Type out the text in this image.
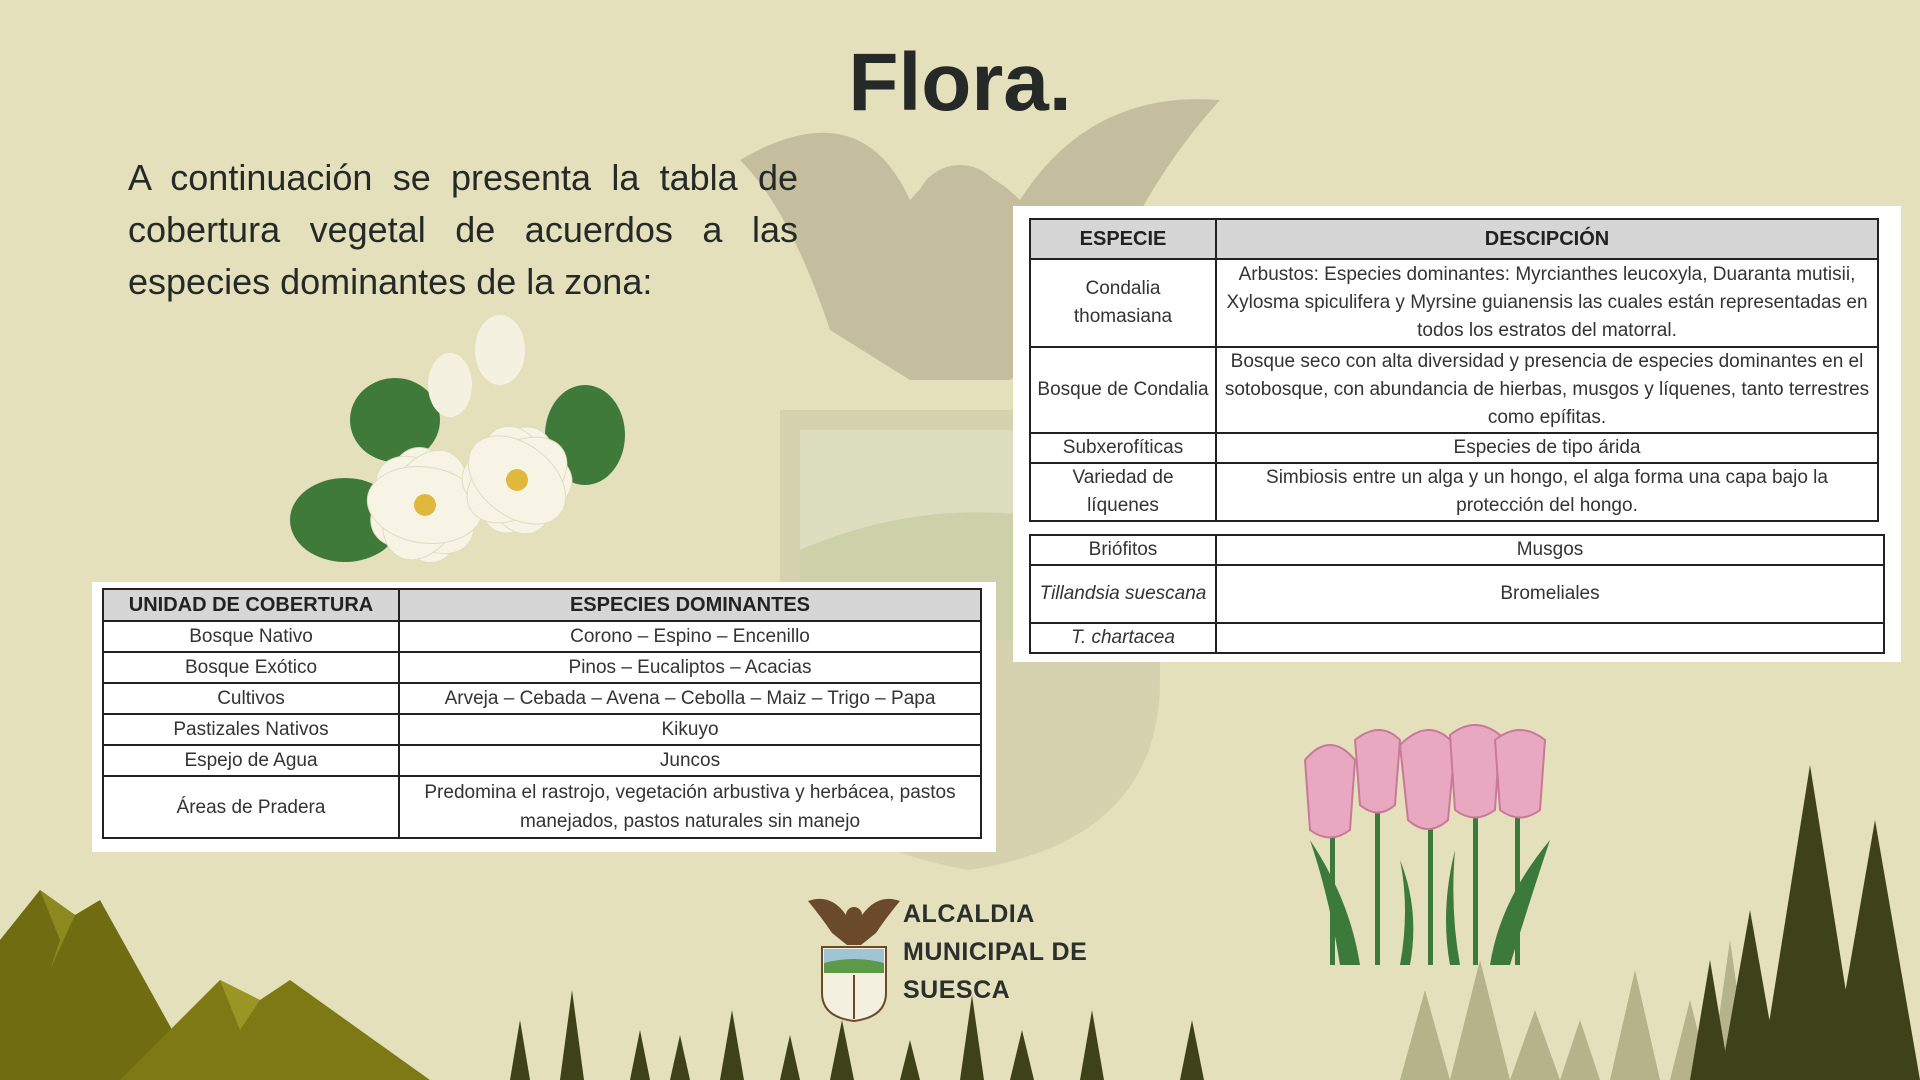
Flora.

A continuación se presenta la tabla de cobertura vegetal de acuerdos a las especies dominantes de la zona:

UNIDAD DE COBERTURA	ESPECIES DOMINANTES
Bosque Nativo	Corono – Espino – Encenillo
Bosque Exótico	Pinos – Eucaliptos – Acacias
Cultivos	Arveja – Cebada – Avena – Cebolla – Maiz – Trigo – Papa
Pastizales Nativos	Kikuyo
Espejo de Agua	Juncos
Áreas de Pradera	Predomina el rastrojo, vegetación arbustiva y herbácea, pastos manejados, pastos naturales sin manejo
ESPECIE	DESCIPCIÓN
Condalia thomasiana	Arbustos: Especies dominantes: Myrcianthes leucoxyla, Duaranta mutisii, Xylosma spiculifera y Myrsine guianensis las cuales están representadas en todos los estratos del matorral.
Bosque de Condalia	Bosque seco con alta diversidad y presencia de especies dominantes en el sotobosque, con abundancia de hierbas, musgos y líquenes, tanto terrestres como epífitas.
Subxerofíticas	Especies de tipo árida
Variedad de líquenes	Simbiosis entre un alga y un hongo, el alga forma una capa bajo la protección del hongo.
Briófitos	Musgos
Tillandsia suescana	Bromeliales
T. chartacea	
ALCALDIA
MUNICIPAL DE
SUESCA
